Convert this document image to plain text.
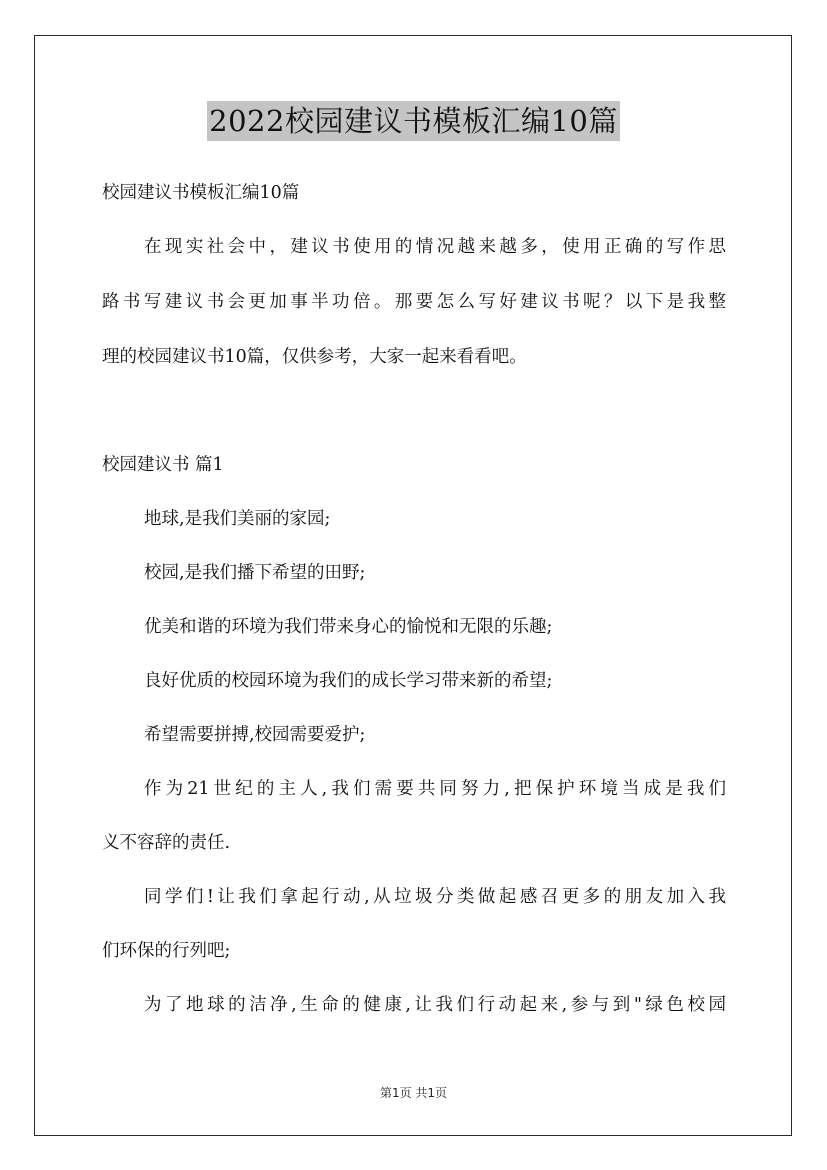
2022校园建议书模板汇编10篇

校园建议书模板汇编10篇

在现实社会中，建议书使用的情况越来越多，使用正确的写作思

路书写建议书会更加事半功倍。那要怎么写好建议书呢？以下是我整

理的校园建议书10篇，仅供参考，大家一起来看看吧。

校园建议书 篇1

地球,是我们美丽的家园;

校园,是我们播下希望的田野;

优美和谐的环境为我们带来身心的愉悦和无限的乐趣;

良好优质的校园环境为我们的成长学习带来新的希望;

希望需要拼搏,校园需要爱护;

作为21世纪的主人,我们需要共同努力,把保护环境当成是我们

义不容辞的责任.

同学们!让我们拿起行动,从垃圾分类做起感召更多的朋友加入我

们环保的行列吧;

为了地球的洁净,生命的健康,让我们行动起来,参与到"绿色校园

第1页 共1页
